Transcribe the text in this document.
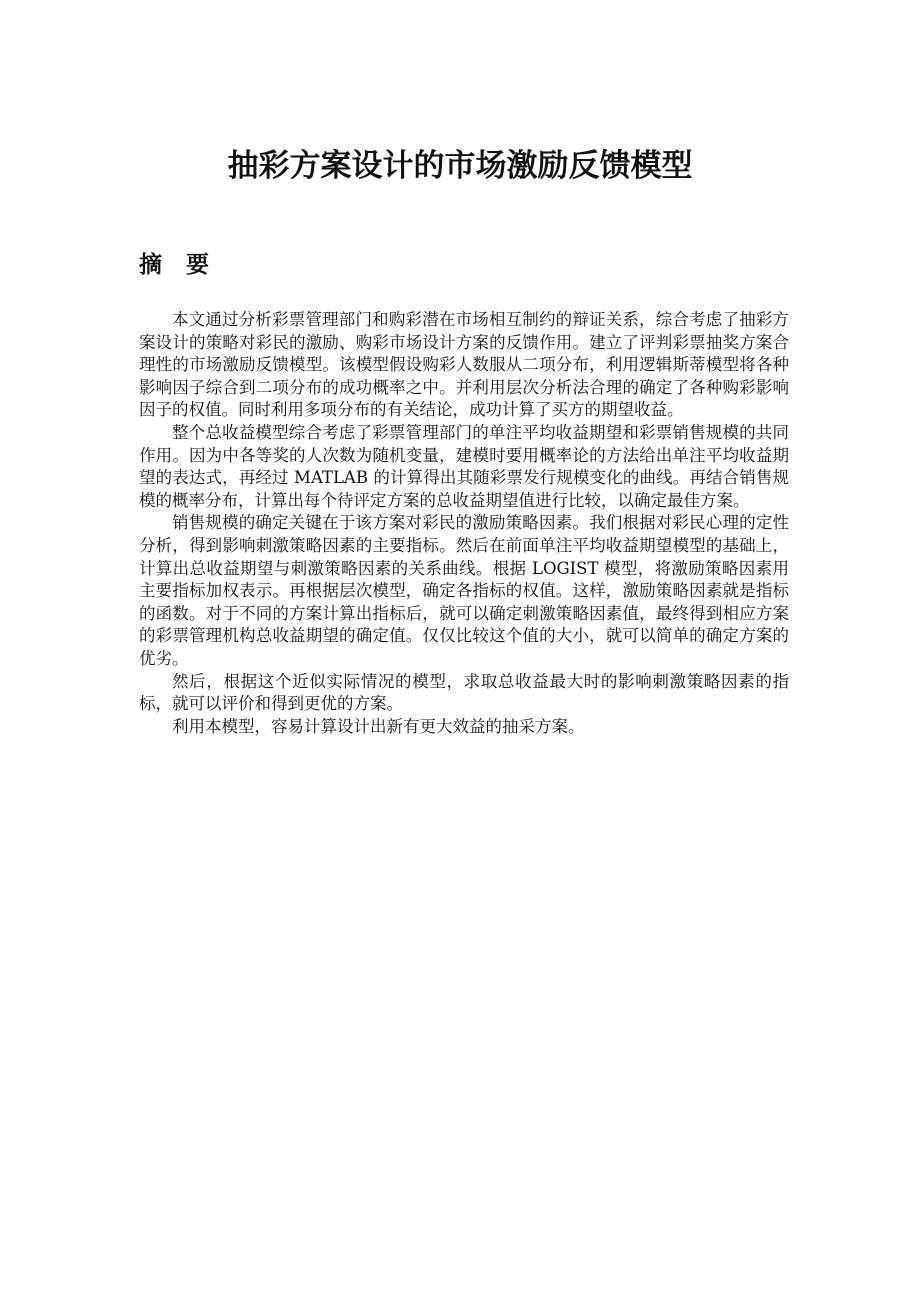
抽彩方案设计的市场激励反馈模型
摘 要

本文通过分析彩票管理部门和购彩潜在市场相互制约的辩证关系，综合考虑了抽彩方案设计的策略对彩民的激励、购彩市场设计方案的反馈作用。建立了评判彩票抽奖方案合理性的市场激励反馈模型。该模型假设购彩人数服从二项分布，利用逻辑斯蒂模型将各种影响因子综合到二项分布的成功概率之中。并利用层次分析法合理的确定了各种购彩影响因子的权值。同时利用多项分布的有关结论，成功计算了买方的期望收益。

整个总收益模型综合考虑了彩票管理部门的单注平均收益期望和彩票销售规模的共同作用。因为中各等奖的人次数为随机变量，建模时要用概率论的方法给出单注平均收益期望的表达式，再经过 MATLAB 的计算得出其随彩票发行规模变化的曲线。再结合销售规模的概率分布，计算出每个待评定方案的总收益期望值进行比较，以确定最佳方案。

销售规模的确定关键在于该方案对彩民的激励策略因素。我们根据对彩民心理的定性分析，得到影响刺激策略因素的主要指标。然后在前面单注平均收益期望模型的基础上，计算出总收益期望与刺激策略因素的关系曲线。根据 LOGIST 模型，将激励策略因素用主要指标加权表示。再根据层次模型，确定各指标的权值。这样，激励策略因素就是指标的函数。对于不同的方案计算出指标后，就可以确定刺激策略因素值，最终得到相应方案的彩票管理机构总收益期望的确定值。仅仅比较这个值的大小，就可以简单的确定方案的优劣。

然后，根据这个近似实际情况的模型，求取总收益最大时的影响刺激策略因素的指标，就可以评价和得到更优的方案。

利用本模型，容易计算设计出新有更大效益的抽采方案。
